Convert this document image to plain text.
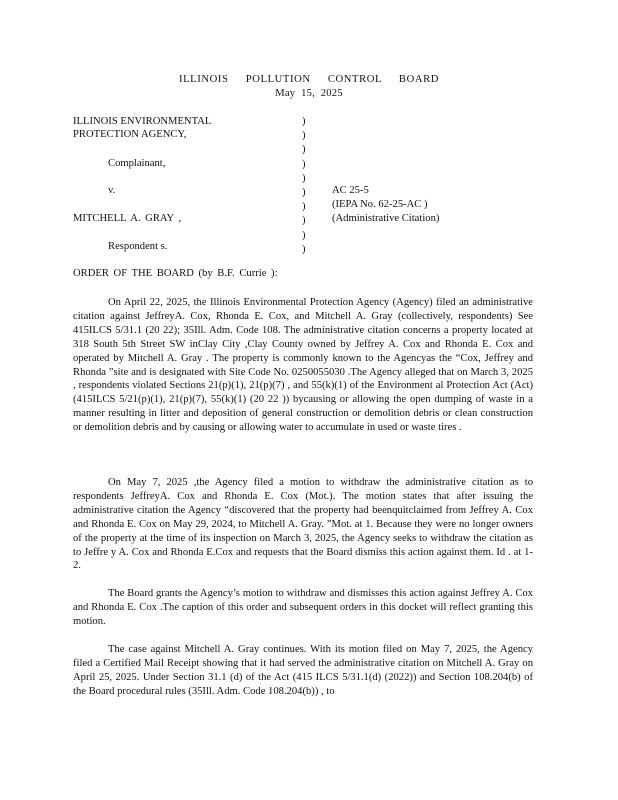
ILLINOIS POLLUTION CONTROL BOARD
May 15, 2025
ILLINOIS ENVIRONMENTAL
PROTECTION AGENCY,
Complainant,
v.
MITCHELL A. GRAY ,
Respondent s.
)
)
)
)
)
)
)
)
)
)
AC 25-5
(IEPA No. 62-25-AC )
(Administrative Citation)
ORDER OF THE BOARD (by B.F. Currie ):
On April 22, 2025, the Illinois Environmental Protection Agency (Agency) filed an administrative citation against JeffreyA. Cox, Rhonda E. Cox, and Mitchell A. Gray (collectively, respondents) See 415ILCS 5/31.1 (20 22); 35Ill. Adm. Code 108. The administrative citation concerns a property located at 318 South 5th Street SW inClay City ,Clay County owned by Jeffrey A. Cox and Rhonda E. Cox and operated by Mitchell A. Gray . The property is commonly known to the Agencyas the “Cox, Jeffrey and Rhonda ”site and is designated with Site Code No. 0250055030 .The Agency alleged that on March 3, 2025 , respondents violated Sections 21(p)(1), 21(p)(7) , and 55(k)(1) of the Environment al Protection Act (Act) (415ILCS 5/21(p)(1), 21(p)(7), 55(k)(1) (20 22 )) bycausing or allowing the open dumping of waste in a manner resulting in litter and deposition of general construction or demolition debris or clean construction or demolition debris and by causing or allowing water to accumulate in used or waste tires .
On May 7, 2025 ,the Agency filed a motion to withdraw the administrative citation as to respondents JeffreyA. Cox and Rhonda E. Cox (Mot.). The motion states that after issuing the administrative citation the Agency “discovered that the property had beenquitclaimed from Jeffrey A. Cox and Rhonda E. Cox on May 29, 2024, to Mitchell A. Gray. ”Mot. at 1. Because they were no longer owners of the property at the time of its inspection on March 3, 2025, the Agency seeks to withdraw the citation as to Jeffre y A. Cox and Rhonda E.Cox and requests that the Board dismiss this action against them. Id . at 1-2.
The Board grants the Agency’s motion to withdraw and dismisses this action against Jeffrey A. Cox and Rhonda E. Cox .The caption of this order and subsequent orders in this docket will reflect granting this motion.
The case against Mitchell A. Gray continues. With its motion filed on May 7, 2025, the Agency filed a Certified Mail Receipt showing that it had served the administrative citation on Mitchell A. Gray on April 25, 2025. Under Section 31.1 (d) of the Act (415 ILCS 5/31.1(d) (2022)) and Section 108.204(b) of the Board procedural rules (35Ill. Adm. Code 108.204(b)) , to
